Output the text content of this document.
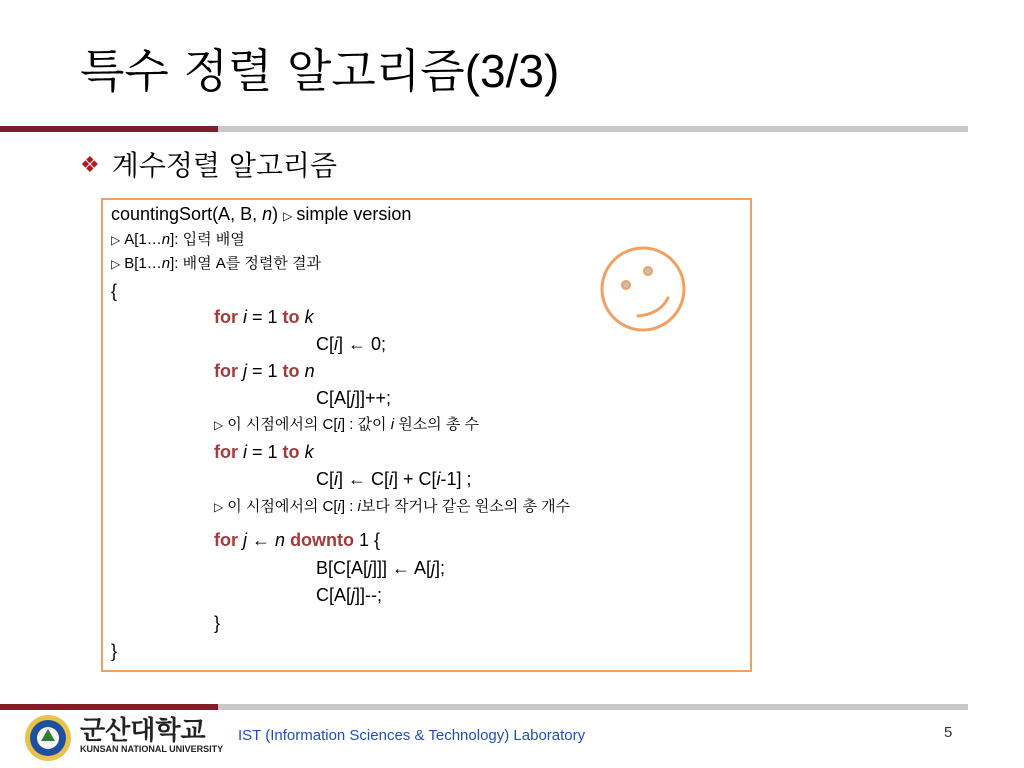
특수 정렬 알고리즘(3/3)
❖ 계수정렬 알고리즘
countingSort(A, B, n) ▷ simple version
▷ A[1…n]: 입력 배열
▷ B[1…n]: 배열 A를 정렬한 결과
{
for i = 1 to k
C[i] ← 0;
for j = 1 to n
C[A[j]]++;
▷ 이 시점에서의 C[i] : 값이 i 원소의 총 수
for i = 1 to k
C[i] ← C[i] + C[i-1] ;
▷ 이 시점에서의 C[i] : i보다 작거나 같은 원소의 총 개수
for j ← n downto 1 {
B[C[A[j]]] ← A[j];
C[A[j]]--;
}
}
군산대학교
KUNSAN NATIONAL UNIVERSITY
IST (Information Sciences & Technology) Laboratory	5
